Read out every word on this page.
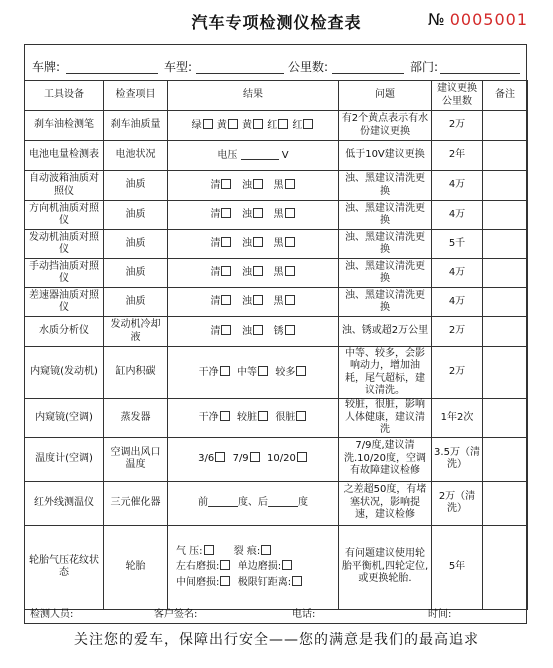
汽车专项检测仪检查表	№ 0005001
车牌:	车型:	公里数:	部门:
工具设备	检查项目	结果	问题	建议更换公里数	备注
刹车油检测笔	刹车油质量	绿 黄 黄 红 红	有2个黄点表示有水份建议更换	2万	
电池电量检测表	电池状况	电压 V	低于10V建议更换	2年	
自动波箱油质对照仪	油质	清 浊 黑	浊、黑建议清洗更换	4万	
方向机油质对照仪	油质	清 浊 黑	浊、黑建议清洗更换	4万	
发动机油质对照仪	油质	清 浊 黑	浊、黑建议清洗更换	5千	
手动挡油质对照仪	油质	清 浊 黑	浊、黑建议清洗更换	4万	
差速器油质对照仪	油质	清 浊 黑	浊、黑建议清洗更换	4万	
水质分析仪	发动机冷却液	清 浊 锈	浊、锈或超2万公里	2万	
内窥镜(发动机)	缸内积碳	干净 中等 较多	中等、较多，会影响动力，增加油耗，尾气超标，建议清洗。	2万	
内窥镜(空调)	蒸发器	干净 较脏 很脏	较脏，很脏，影响人体健康，建议清洗	1年2次	
温度计(空调)	空调出风口温度	3/6 7/9 10/20	7/9度,建议清洗.10/20度，空调有故障建议检修	3.5万（清洗）	
红外线测温仪	三元催化器	前 度、后 度	之差超50度，有堵塞状况，影响提速，建议检修	2万（清洗）	
轮胎气压花纹状态	轮胎	气 压: 裂 痕:
左右磨损: 单边磨损:
中间磨损: 极限钉距离:	有问题建议使用轮胎平衡机,四轮定位,或更换轮胎.	5年	
检测人员:	客户签名:	电话:	时间:
关注您的爱车，保障出行安全——您的满意是我们的最高追求
